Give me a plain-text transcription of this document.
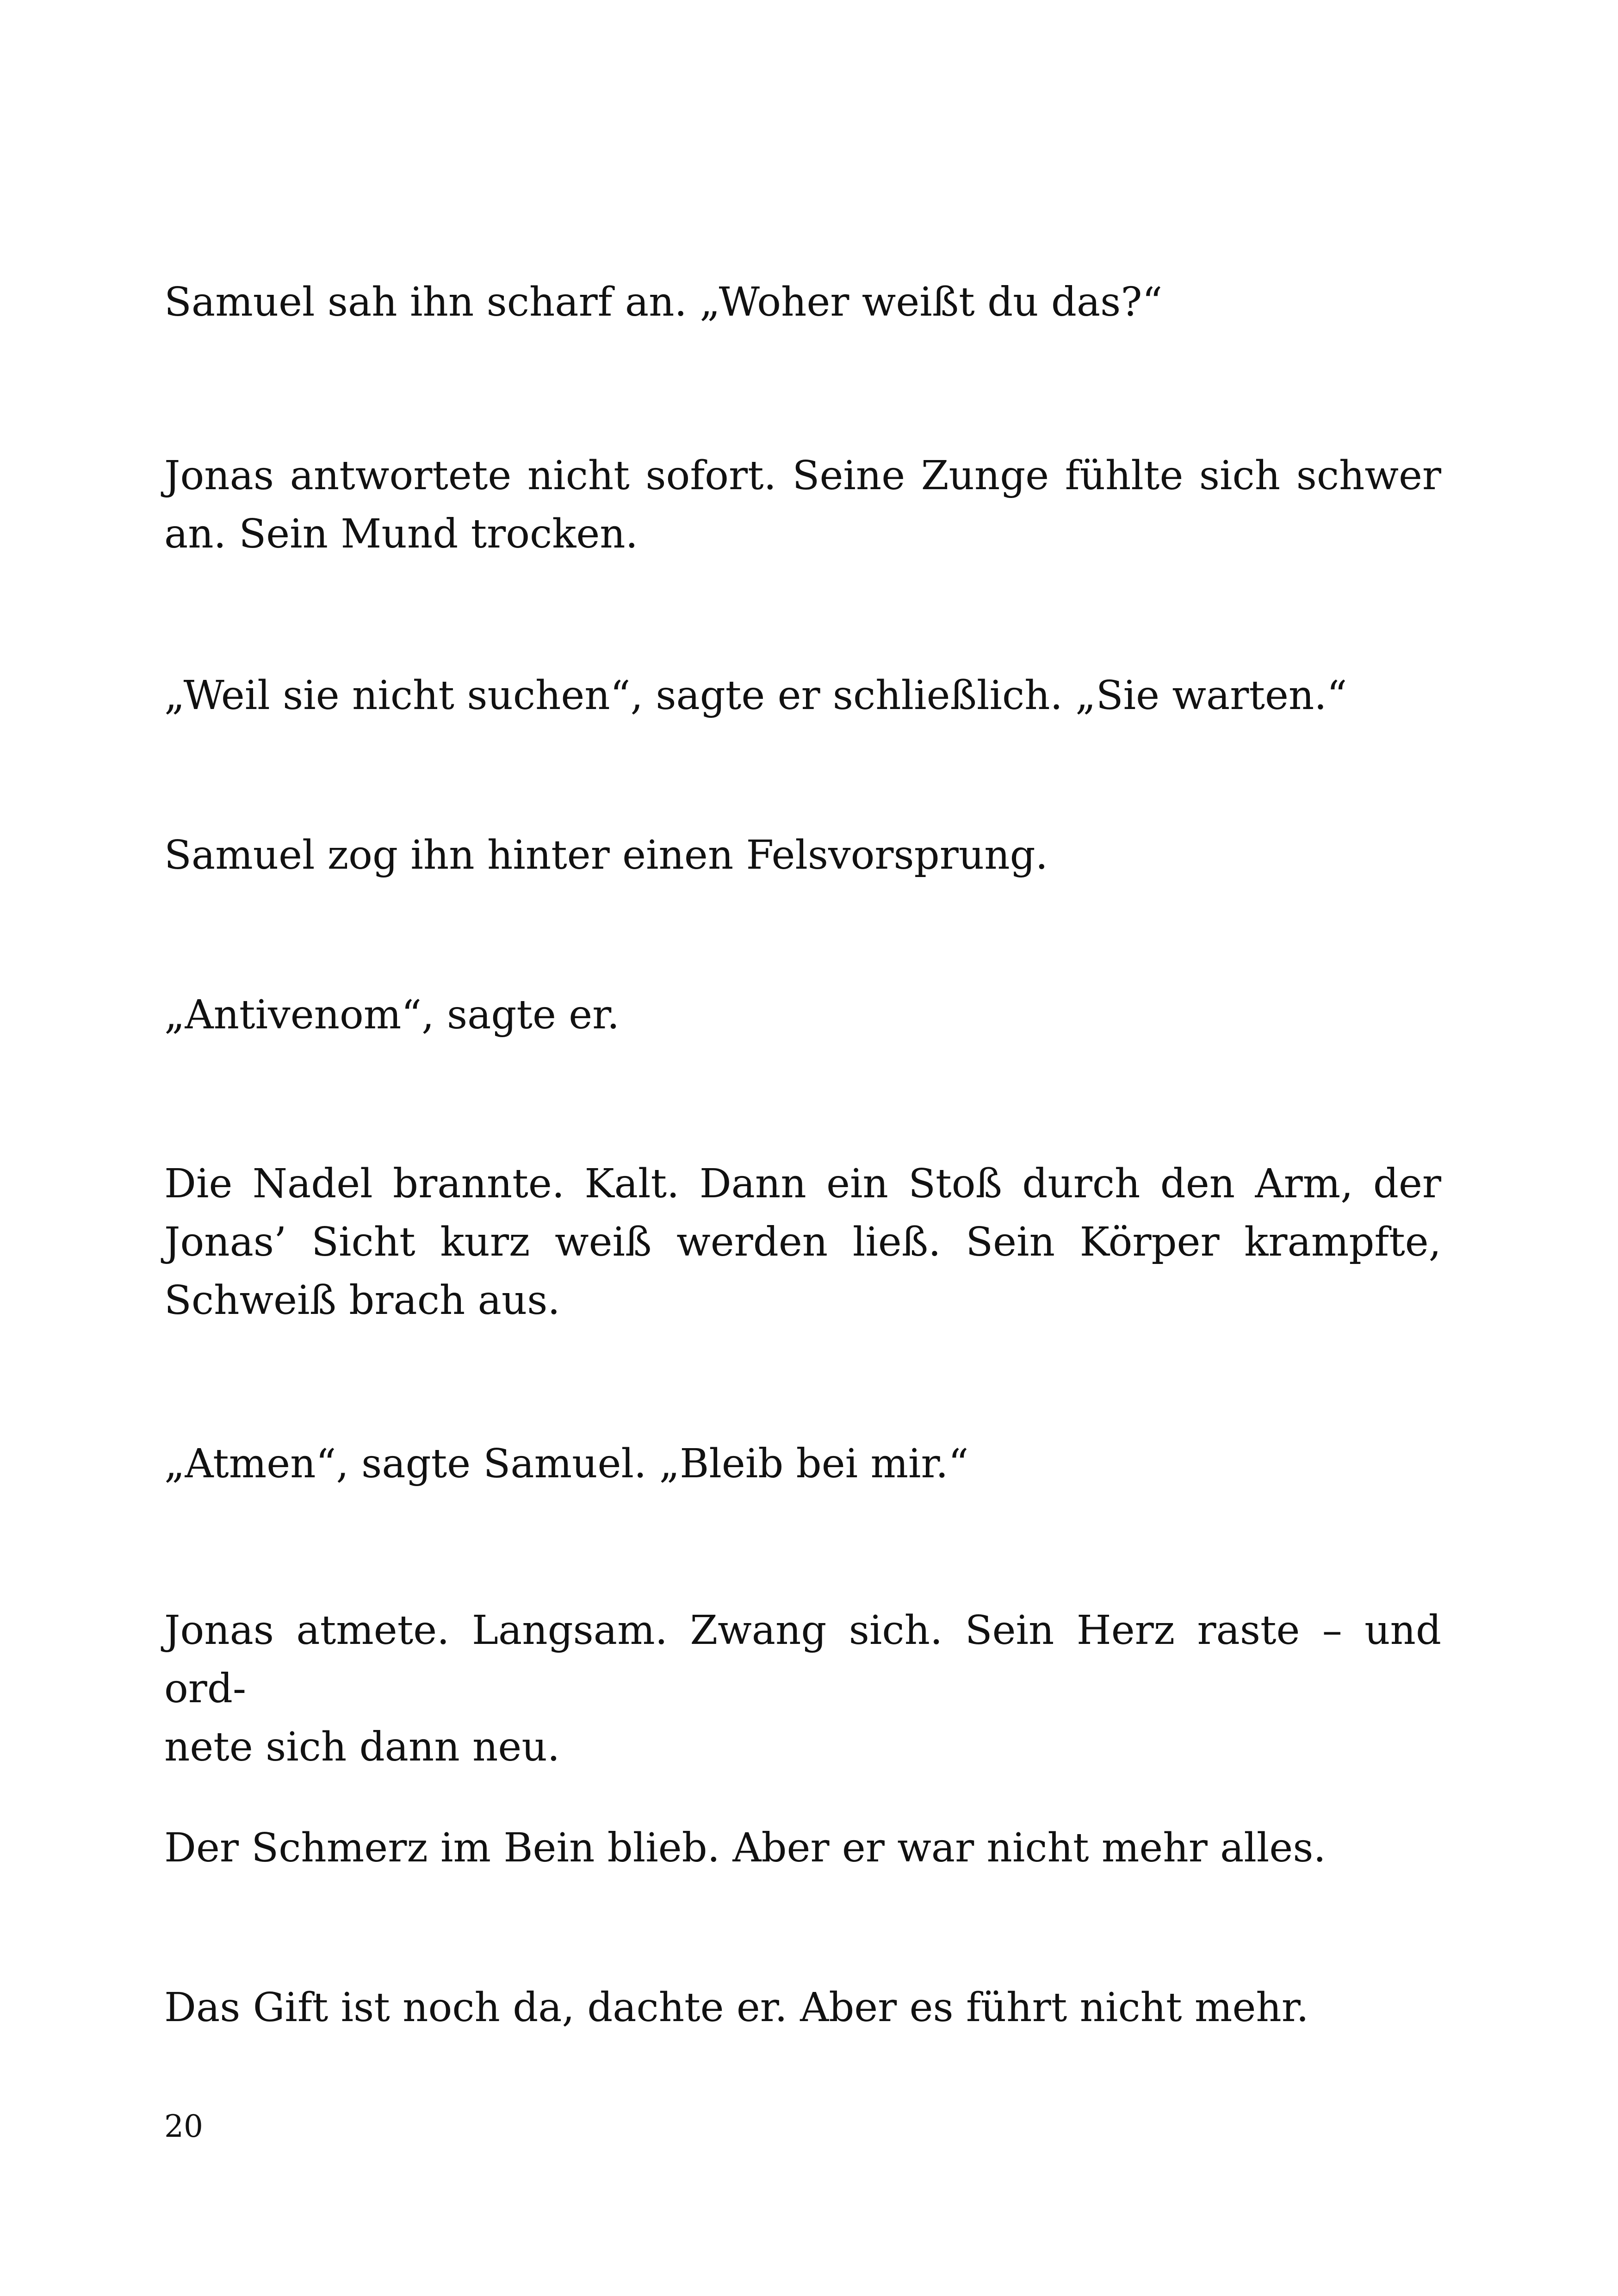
Samuel sah ihn scharf an. „Woher weißt du das?“

Jonas antwortete nicht sofort. Seine Zunge fühlte sich schwer
an. Sein Mund trocken.

„Weil sie nicht suchen“, sagte er schließlich. „Sie warten.“

Samuel zog ihn hinter einen Felsvorsprung.

„Antivenom“, sagte er.

Die Nadel brannte. Kalt. Dann ein Stoß durch den Arm, der
Jonas’ Sicht kurz weiß werden ließ. Sein Körper krampfte,
Schweiß brach aus.

„Atmen“, sagte Samuel. „Bleib bei mir.“

Jonas atmete. Langsam. Zwang sich. Sein Herz raste – und ord-
nete sich dann neu.

Der Schmerz im Bein blieb. Aber er war nicht mehr alles.

Das Gift ist noch da, dachte er. Aber es führt nicht mehr.

20
